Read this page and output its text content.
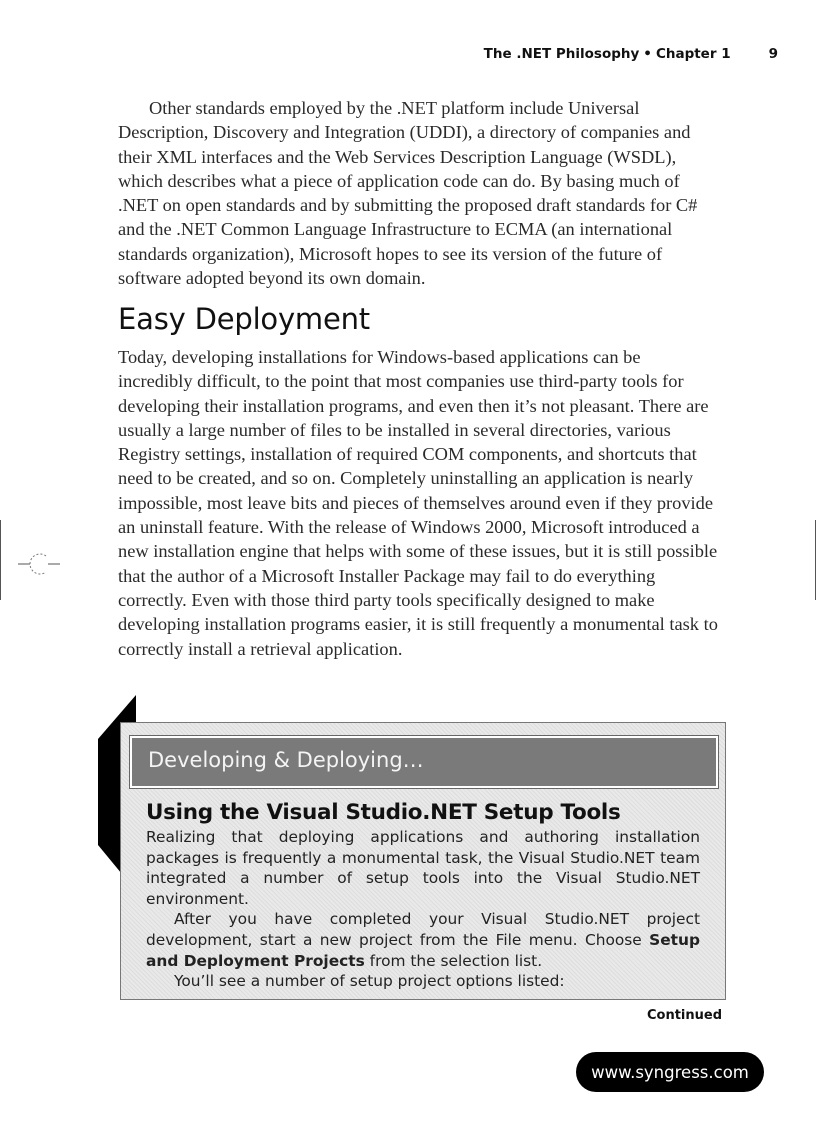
The .NET Philosophy • Chapter 1	9
Other standards employed by the .NET platform include Universal Description, Discovery and Integration (UDDI), a directory of companies and their XML interfaces and the Web Services Description Language (WSDL), which describes what a piece of application code can do. By basing much of .NET on open standards and by submitting the proposed draft standards for C# and the .NET Common Language Infrastructure to ECMA (an international standards organization), Microsoft hopes to see its version of the future of software adopted beyond its own domain.
Easy Deployment
Today, developing installations for Windows-based applications can be incredibly difficult, to the point that most companies use third-party tools for developing their installation programs, and even then it’s not pleasant. There are usually a large number of files to be installed in several directories, various Registry settings, installation of required COM components, and shortcuts that need to be created, and so on. Completely uninstalling an application is nearly impossible, most leave bits and pieces of themselves around even if they provide an uninstall feature. With the release of Windows 2000, Microsoft introduced a new installation engine that helps with some of these issues, but it is still possible that the author of a Microsoft Installer Package may fail to do everything correctly. Even with those third party tools specifically designed to make developing installation programs easier, it is still frequently a monumental task to correctly install a retrieval application.
Developing & Deploying…
Using the Visual Studio.NET Setup Tools

Realizing that deploying applications and authoring installation packages is frequently a monumental task, the Visual Studio.NET team integrated a number of setup tools into the Visual Studio.NET environment.

After you have completed your Visual Studio.NET project development, start a new project from the File menu. Choose Setup and Deployment Projects from the selection list.

You’ll see a number of setup project options listed:

Continued
www.syngress.com
